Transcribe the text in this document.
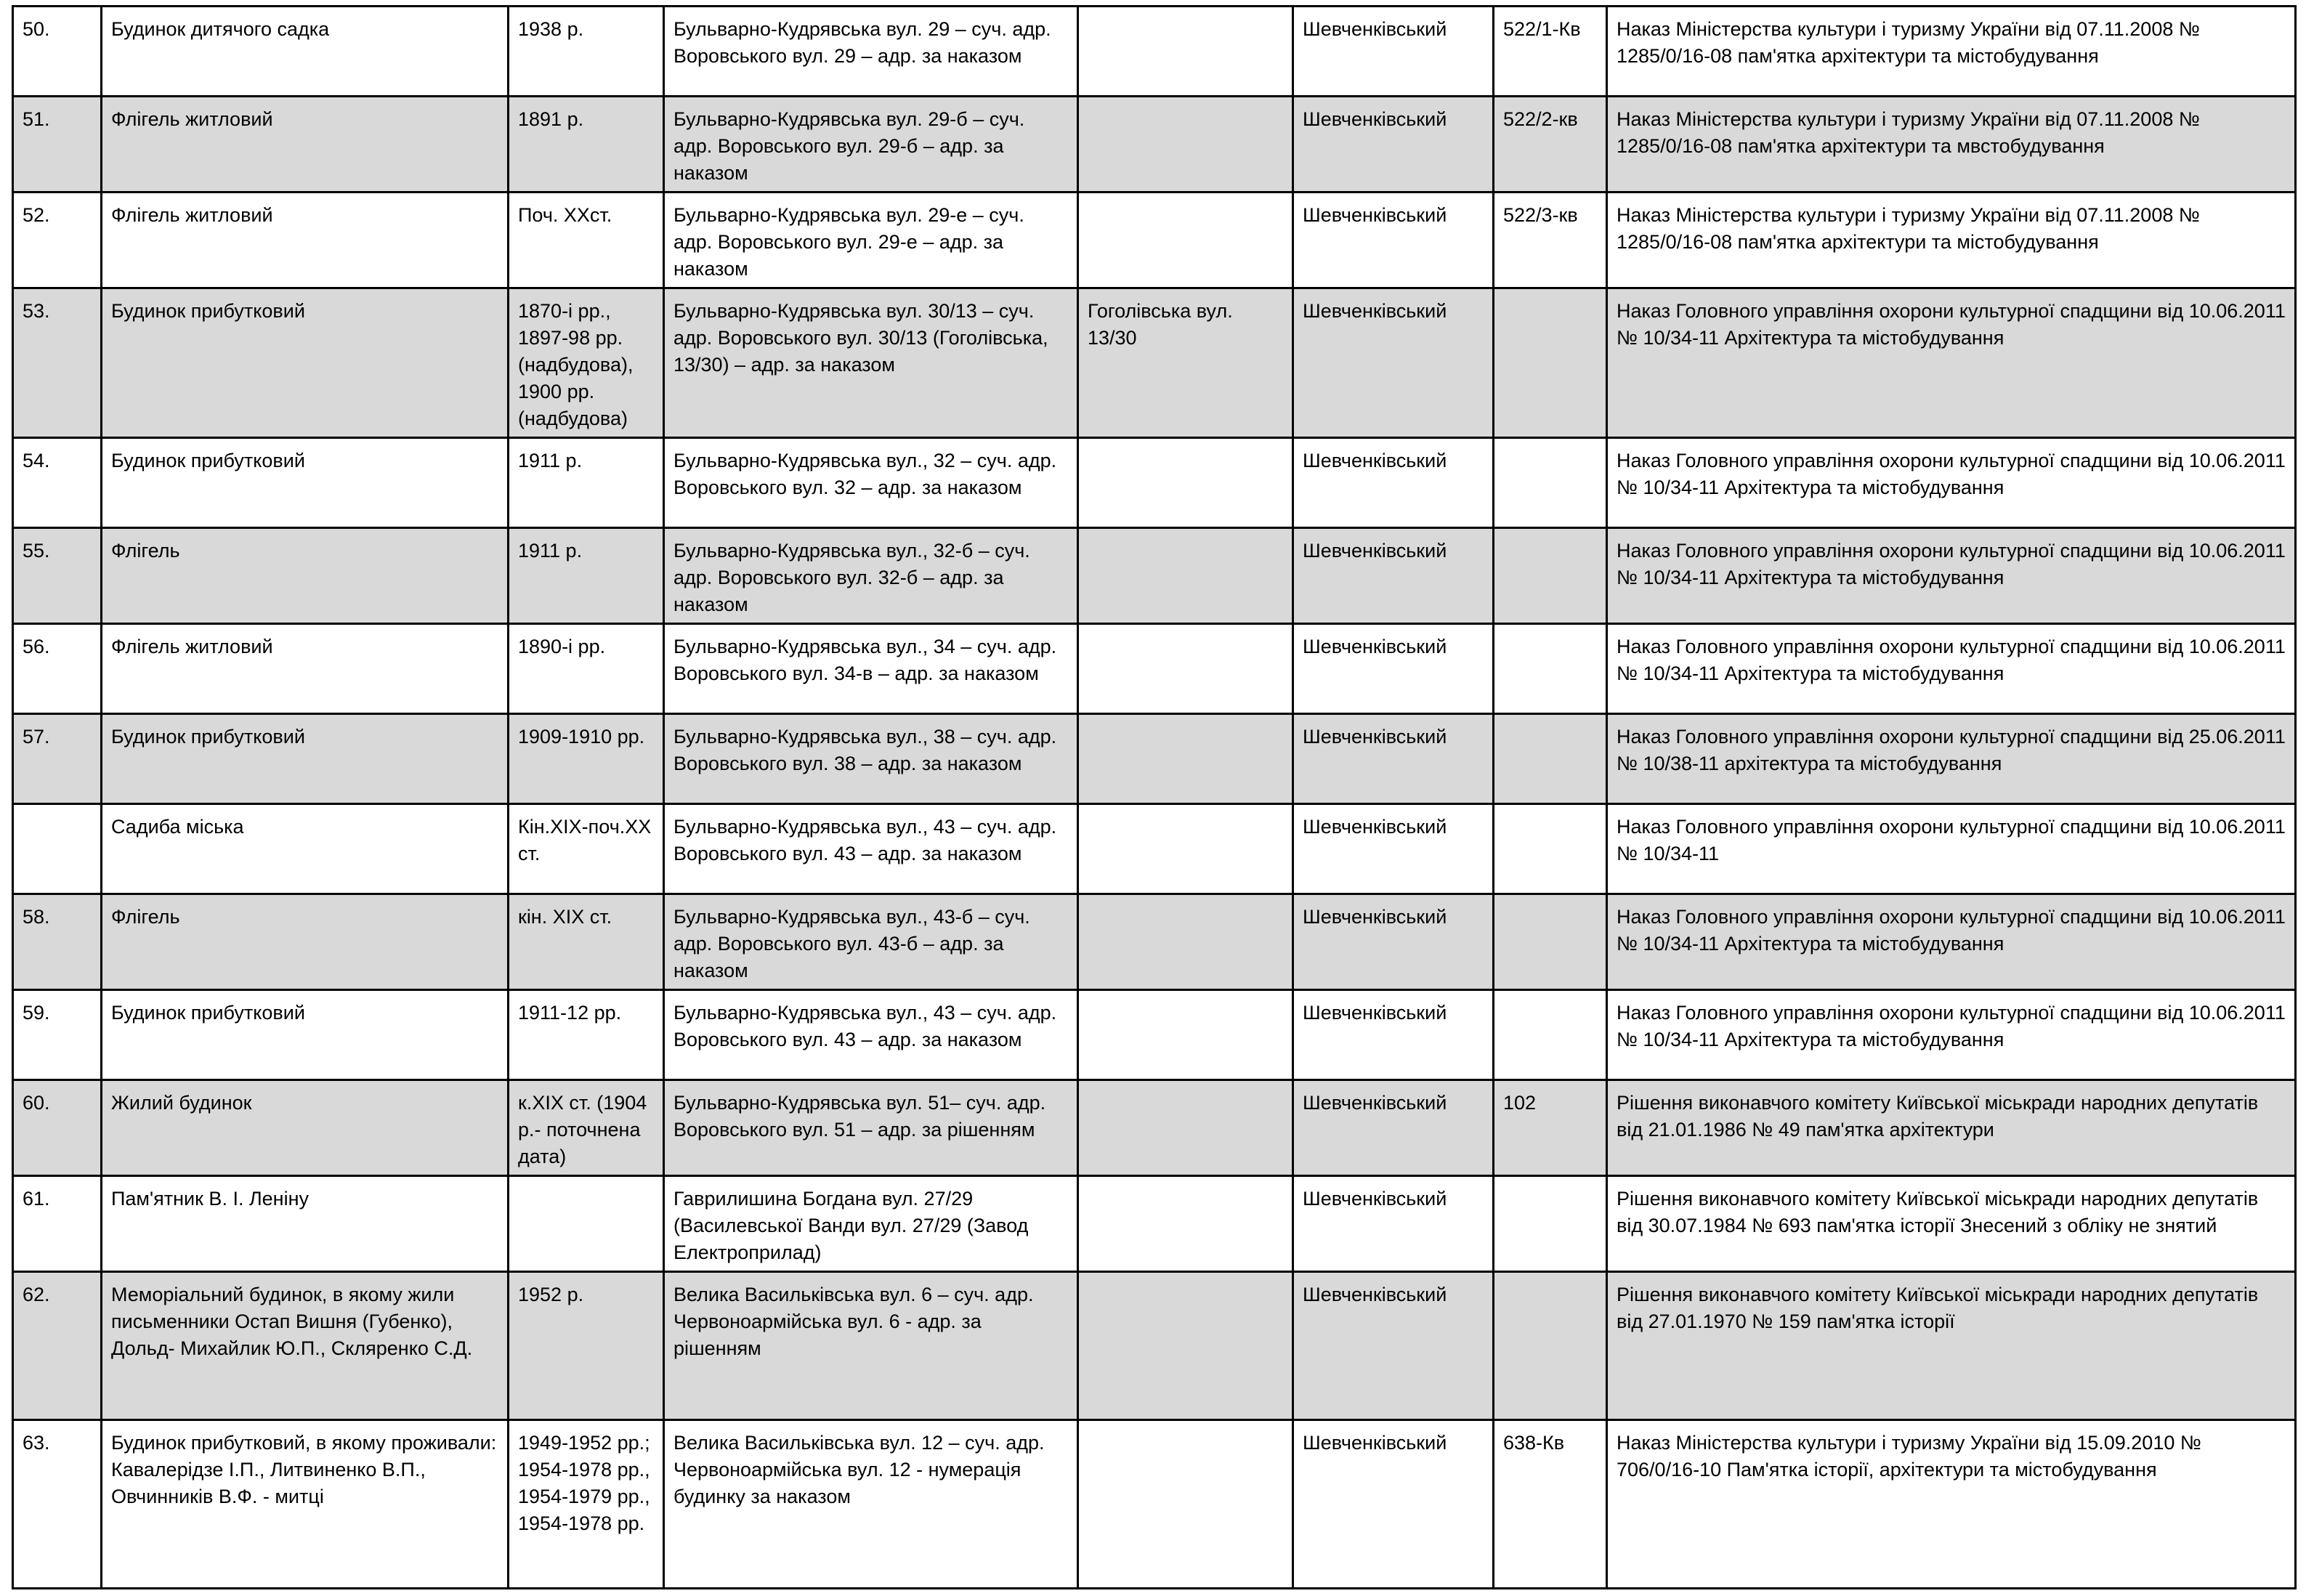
50.	Будинок дитячого садка	1938 р.	Бульварно-Кудрявська вул. 29 – суч. адр. Воровського вул. 29 – адр. за наказом		Шевченківський	522/1-Кв	Наказ Міністерства культури і туризму України від 07.11.2008 № 1285/0/16-08 пам'ятка архітектури та містобудування
51.	Флігель житловий	1891 р.	Бульварно-Кудрявська вул. 29-б – суч. адр. Воровського вул. 29-б – адр. за наказом		Шевченківський	522/2-кв	Наказ Міністерства культури і туризму України від 07.11.2008 № 1285/0/16-08 пам'ятка архітектури та мвстобудування
52.	Флігель житловий	Поч. ХХст.	Бульварно-Кудрявська вул. 29-е – суч. адр. Воровського вул. 29-е – адр. за наказом		Шевченківський	522/3-кв	Наказ Міністерства культури і туризму України від 07.11.2008 № 1285/0/16-08 пам'ятка архітектури та містобудування
53.	Будинок прибутковий	1870-і рр., 1897-98 рр. (надбудова), 1900 рр. (надбудова)	Бульварно-Кудрявська вул. 30/13 – суч. адр. Воровського вул. 30/13 (Гоголівська, 13/30) – адр. за наказом	Гоголівська вул. 13/30	Шевченківський		Наказ Головного управління охорони культурної спадщини від 10.06.2011 № 10/34-11 Архітектура та містобудування
54.	Будинок прибутковий	1911 р.	Бульварно-Кудрявська вул., 32 – суч. адр. Воровського вул. 32 – адр. за наказом		Шевченківський		Наказ Головного управління охорони культурної спадщини від 10.06.2011 № 10/34-11 Архітектура та містобудування
55.	Флігель	1911 р.	Бульварно-Кудрявська вул., 32-б – суч. адр. Воровського вул. 32-б – адр. за наказом		Шевченківський		Наказ Головного управління охорони культурної спадщини від 10.06.2011 № 10/34-11 Архітектура та містобудування
56.	Флігель житловий	1890-і рр.	Бульварно-Кудрявська вул., 34 – суч. адр. Воровського вул. 34-в – адр. за наказом		Шевченківський		Наказ Головного управління охорони культурної спадщини від 10.06.2011 № 10/34-11 Архітектура та містобудування
57.	Будинок прибутковий	1909-1910 рр.	Бульварно-Кудрявська вул., 38 – суч. адр. Воровського вул. 38 – адр. за наказом		Шевченківський		Наказ Головного управління охорони культурної спадщини від 25.06.2011 № 10/38-11 архітектура та містобудування
	Садиба міська	Кін.ХІХ-поч.ХХ ст.	Бульварно-Кудрявська вул., 43 – суч. адр. Воровського вул. 43 – адр. за наказом		Шевченківський		Наказ Головного управління охорони культурної спадщини від 10.06.2011 № 10/34-11
58.	Флігель	кін. ХІХ ст.	Бульварно-Кудрявська вул., 43-б – суч. адр. Воровського вул. 43-б – адр. за наказом		Шевченківський		Наказ Головного управління охорони культурної спадщини від 10.06.2011 № 10/34-11 Архітектура та містобудування
59.	Будинок прибутковий	1911-12 рр.	Бульварно-Кудрявська вул., 43 – суч. адр. Воровського вул. 43 – адр. за наказом		Шевченківський		Наказ Головного управління охорони культурної спадщини від 10.06.2011 № 10/34-11 Архітектура та містобудування
60.	Жилий будинок	к.ХІХ ст. (1904 р.- поточнена дата)	Бульварно-Кудрявська вул. 51– суч. адр. Воровського вул. 51 – адр. за рішенням		Шевченківський	102	Рішення виконавчого комітету Київської міськради народних депутатів від 21.01.1986 № 49 пам'ятка архітектури
61.	Пам'ятник В. І. Леніну		Гаврилишина Богдана вул. 27/29 (Василевської Ванди вул. 27/29 (Завод Електроприлад)		Шевченківський		Рішення виконавчого комітету Київської міськради народних депутатів від 30.07.1984 № 693 пам'ятка історії Знесений з обліку не знятий
62.	Меморіальний будинок, в якому жили письменники Остап Вишня (Губенко), Дольд- Михайлик Ю.П., Скляренко С.Д.	1952 р.	Велика Васильківська вул. 6 – суч. адр. Червоноармійська вул. 6 - адр. за рішенням		Шевченківський		Рішення виконавчого комітету Київської міськради народних депутатів від 27.01.1970 № 159 пам'ятка історії
63.	Будинок прибутковий, в якому проживали: Кавалерідзе І.П., Литвиненко В.П., Овчинників В.Ф. - митці	1949-1952 рр.; 1954-1978 рр., 1954-1979 рр., 1954-1978 рр.	Велика Васильківська вул. 12 – суч. адр. Червоноармійська вул. 12 - нумерація будинку за наказом		Шевченківський	638-Кв	Наказ Міністерства культури і туризму України від 15.09.2010 № 706/0/16-10 Пам'ятка історії, архітектури та містобудування
